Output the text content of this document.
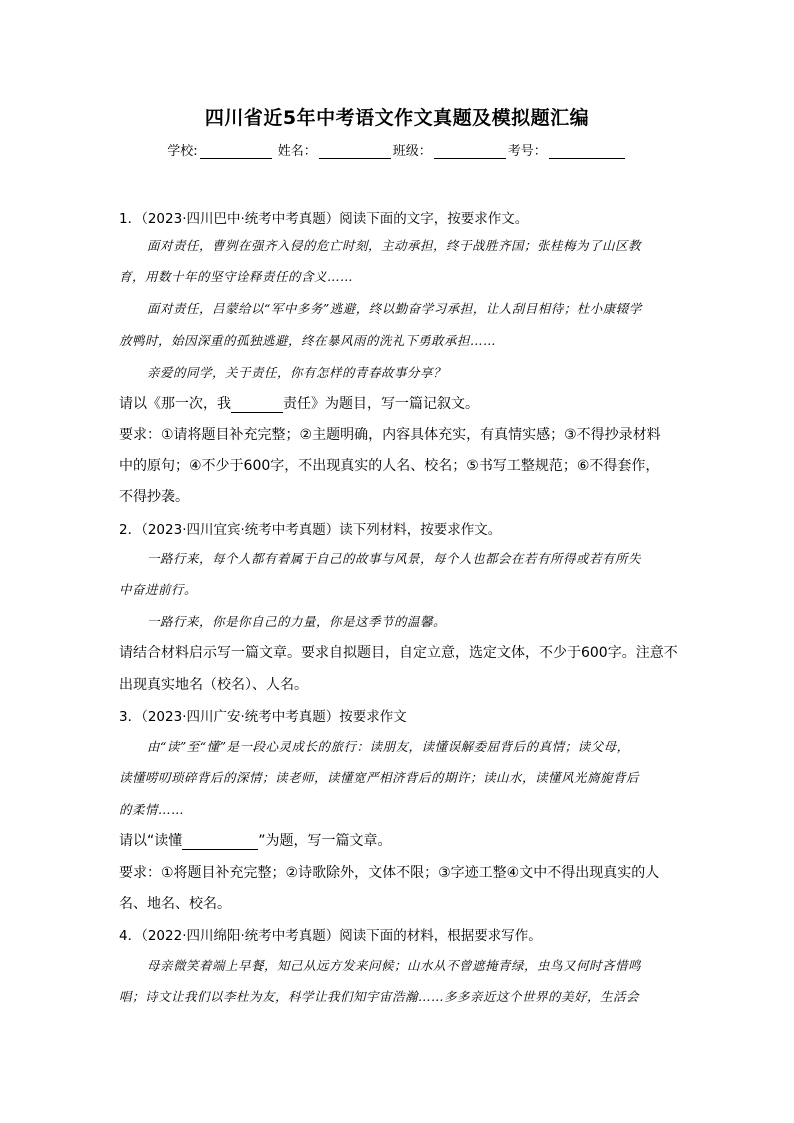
四川省近5年中考语文作文真题及模拟题汇编
学校:	姓名：	班级：	考号：
1．（2023·四川巴中·统考中考真题）阅读下面的文字，按要求作文。
面对责任，曹刿在强齐入侵的危亡时刻，主动承担，终于战胜齐国；张桂梅为了山区教
育，用数十年的坚守诠释责任的含义……
面对责任，吕蒙给以“军中多务”逃避，终以勤奋学习承担，让人刮目相待；杜小康辍学
放鸭时，始因深重的孤独逃避，终在暴风雨的洗礼下勇敢承担……
亲爱的同学，关于责任，你有怎样的青春故事分享？
请以《那一次，我	责任》为题目，写一篇记叙文。
要求：①请将题目补充完整；②主题明确，内容具体充实，有真情实感；③不得抄录材料
中的原句；④不少于600字，不出现真实的人名、校名；⑤书写工整规范；⑥不得套作，
不得抄袭。
2．（2023·四川宜宾·统考中考真题）读下列材料，按要求作文。
一路行来，每个人都有着属于自己的故事与风景，每个人也都会在若有所得或若有所失
中奋进前行。
一路行来，你是你自己的力量，你是这季节的温馨。
请结合材料启示写一篇文章。要求自拟题目，自定立意，选定文体，不少于600字。注意不
出现真实地名（校名）、人名。
3．（2023·四川广安·统考中考真题）按要求作文
由“读”至“懂”是一段心灵成长的旅行：读朋友，读懂误解委屈背后的真情；读父母，
读懂唠叨琐碎背后的深情；读老师，读懂宽严相济背后的期许；读山水，读懂风光旖旎背后
的柔情……
请以“读懂	”为题，写一篇文章。
要求：①将题目补充完整；②诗歌除外，文体不限；③字迹工整④文中不得出现真实的人
名、地名、校名。
4．（2022·四川绵阳·统考中考真题）阅读下面的材料，根据要求写作。
母亲微笑着端上早餐，知己从远方发来问候；山水从不曾遮掩青绿，虫鸟又何时吝惜鸣
唱；诗文让我们以李杜为友，科学让我们知宇宙浩瀚……多多亲近这个世界的美好，生活会
